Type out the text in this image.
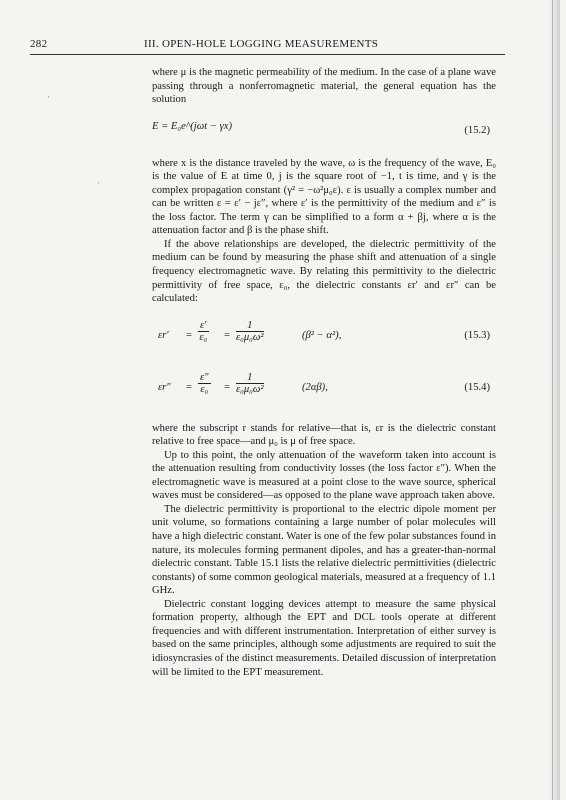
282	III. OPEN-HOLE LOGGING MEASUREMENTS

where μ is the magnetic permeability of the medium. In the case of a plane wave passing through a nonferromagnetic material, the general equation has the solution

E = E₀e^(jωt − γx)	(15.2)

where x is the distance traveled by the wave, ω is the frequency of the wave, E₀ is the value of E at time 0, j is the square root of −1, t is time, and γ is the complex propagation constant (γ² = −ω²μ₀ε). ε is usually a complex number and can be written ε = ε′ − jε″, where ε′ is the permittivity of the medium and ε″ is the loss factor. The term γ can be simplified to a form α + βj, where α is the attenuation factor and β is the phase shift.

If the above relationships are developed, the dielectric permittivity of the medium can be found by measuring the phase shift and attenuation of a single frequency electromagnetic wave. By relating this permittivity to the dielectric permittivity of free space, ε₀, the dielectric constants εr′ and εr″ can be calculated:

$\varepsilon r' = \frac{\varepsilon'}{\text{ε₀}} = \frac{1}{\text{ε₀μ₀ω²}}$	(β² − α²),	(15.3)
$\varepsilon r'' = \frac{\varepsilon''}{\text{ε₀}} = \frac{1}{\text{ε₀μ₀ω²}}$	(2αβ),	(15.4)

where the subscript r stands for relative—that is, εr is the dielectric constant relative to free space—and μ₀ is μ of free space.

Up to this point, the only attenuation of the waveform taken into account is the attenuation resulting from conductivity losses (the loss factor ε″). When the electromagnetic wave is measured at a point close to the wave source, spherical waves must be considered—as opposed to the plane wave approach taken above.

The dielectric permittivity is proportional to the electric dipole moment per unit volume, so formations containing a large number of polar molecules will have a high dielectric constant. Water is one of the few polar substances found in nature, its molecules forming permanent dipoles, and has a greater-than-normal dielectric constant. Table 15.1 lists the relative dielectric permittivities (dielectric constants) of some common geological materials, measured at a frequency of 1.1 GHz.

Dielectric constant logging devices attempt to measure the same physical formation property, although the EPT and DCL tools operate at different frequencies and with different instrumentation. Interpretation of either survey is based on the same principles, although some adjustments are required to suit the idiosyncrasies of the distinct measurements. Detailed discussion of interpretation will be limited to the EPT measurement.

·
·
